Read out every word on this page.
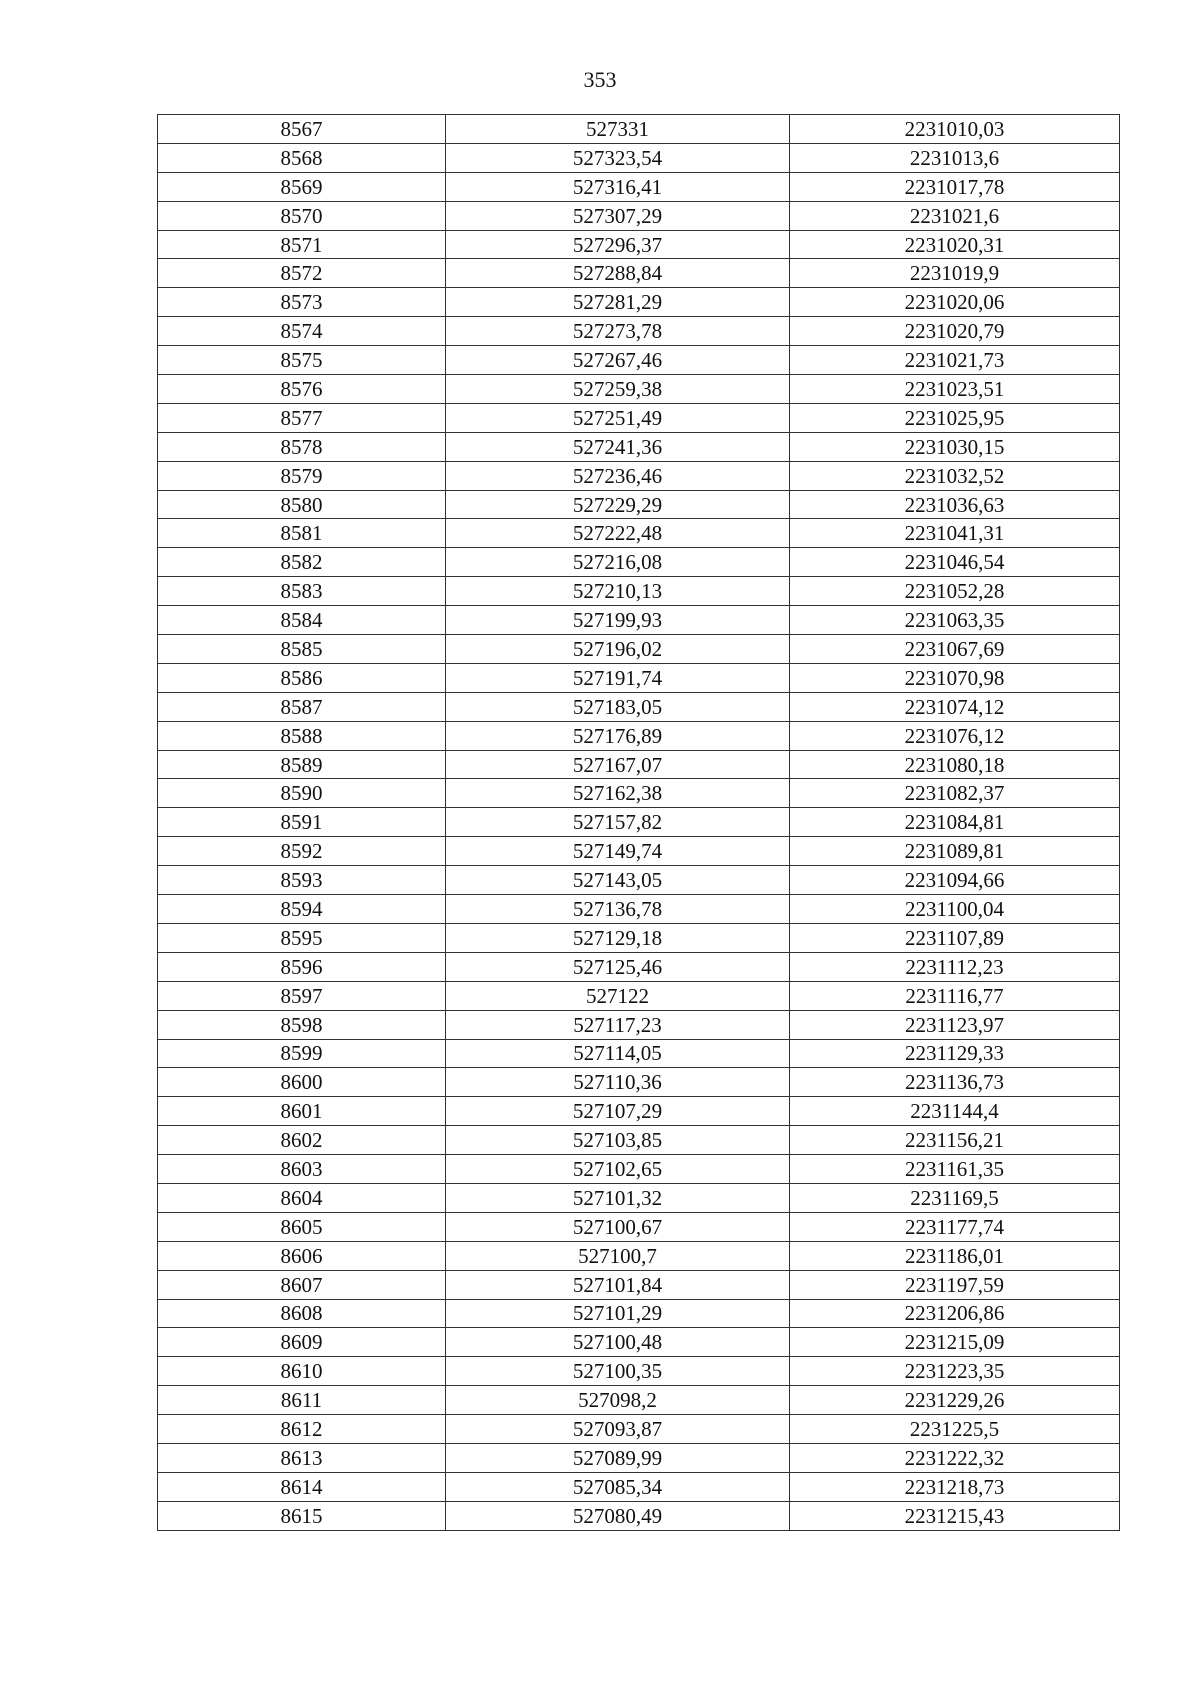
353
8567	527331	2231010,03
8568	527323,54	2231013,6
8569	527316,41	2231017,78
8570	527307,29	2231021,6
8571	527296,37	2231020,31
8572	527288,84	2231019,9
8573	527281,29	2231020,06
8574	527273,78	2231020,79
8575	527267,46	2231021,73
8576	527259,38	2231023,51
8577	527251,49	2231025,95
8578	527241,36	2231030,15
8579	527236,46	2231032,52
8580	527229,29	2231036,63
8581	527222,48	2231041,31
8582	527216,08	2231046,54
8583	527210,13	2231052,28
8584	527199,93	2231063,35
8585	527196,02	2231067,69
8586	527191,74	2231070,98
8587	527183,05	2231074,12
8588	527176,89	2231076,12
8589	527167,07	2231080,18
8590	527162,38	2231082,37
8591	527157,82	2231084,81
8592	527149,74	2231089,81
8593	527143,05	2231094,66
8594	527136,78	2231100,04
8595	527129,18	2231107,89
8596	527125,46	2231112,23
8597	527122	2231116,77
8598	527117,23	2231123,97
8599	527114,05	2231129,33
8600	527110,36	2231136,73
8601	527107,29	2231144,4
8602	527103,85	2231156,21
8603	527102,65	2231161,35
8604	527101,32	2231169,5
8605	527100,67	2231177,74
8606	527100,7	2231186,01
8607	527101,84	2231197,59
8608	527101,29	2231206,86
8609	527100,48	2231215,09
8610	527100,35	2231223,35
8611	527098,2	2231229,26
8612	527093,87	2231225,5
8613	527089,99	2231222,32
8614	527085,34	2231218,73
8615	527080,49	2231215,43
